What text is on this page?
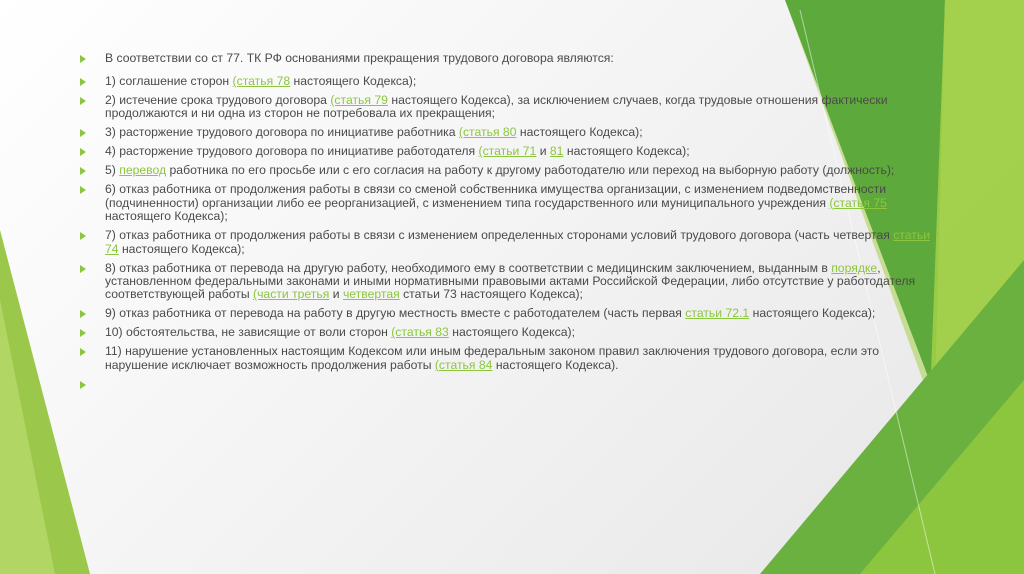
В соответствии со ст 77. ТК РФ основаниями прекращения трудового договора являются:
1) соглашение сторон (статья 78 настоящего Кодекса);
2) истечение срока трудового договора (статья 79 настоящего Кодекса), за исключением случаев, когда трудовые отношения фактически продолжаются и ни одна из сторон не потребовала их прекращения;
3) расторжение трудового договора по инициативе работника (статья 80 настоящего Кодекса);
4) расторжение трудового договора по инициативе работодателя (статьи 71 и 81 настоящего Кодекса);
5) перевод работника по его просьбе или с его согласия на работу к другому работодателю или переход на выборную работу (должность);
6) отказ работника от продолжения работы в связи со сменой собственника имущества организации, с изменением подведомственности (подчиненности) организации либо ее реорганизацией, с изменением типа государственного или муниципального учреждения (статья 75 настоящего Кодекса);
7) отказ работника от продолжения работы в связи с изменением определенных сторонами условий трудового договора (часть четвертая статьи 74 настоящего Кодекса);
8) отказ работника от перевода на другую работу, необходимого ему в соответствии с медицинским заключением, выданным в порядке, установленном федеральными законами и иными нормативными правовыми актами Российской Федерации, либо отсутствие у работодателя соответствующей работы (части третья и четвертая статьи 73 настоящего Кодекса);
9) отказ работника от перевода на работу в другую местность вместе с работодателем (часть первая статьи 72.1 настоящего Кодекса);
10) обстоятельства, не зависящие от воли сторон (статья 83 настоящего Кодекса);
11) нарушение установленных настоящим Кодексом или иным федеральным законом правил заключения трудового договора, если это нарушение исключает возможность продолжения работы (статья 84 настоящего Кодекса).
